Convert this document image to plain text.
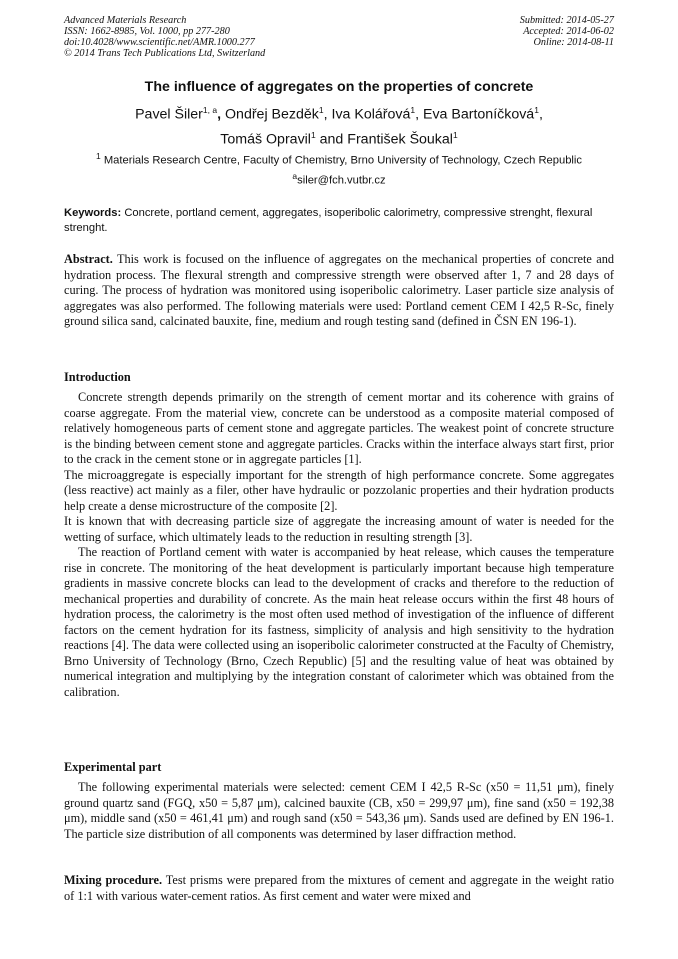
Advanced Materials Research
ISSN: 1662-8985, Vol. 1000, pp 277-280
doi:10.4028/www.scientific.net/AMR.1000.277
© 2014 Trans Tech Publications Ltd, Switzerland
Submitted: 2014-05-27
Accepted: 2014-06-02
Online: 2014-08-11
The influence of aggregates on the properties of concrete
Pavel Šiler$^{1, a}$, Ondřej Bezděk$^1$, Iva Kolářová$^1$, Eva Bartoníčková$^1$,
Tomáš Opravil$^1$ and František Šoukal$^1$
$^1$ Materials Research Centre, Faculty of Chemistry, Brno University of Technology, Czech Republic
$^a$siler@fch.vutbr.cz
Keywords: Concrete, portland cement, aggregates, isoperibolic calorimetry, compressive strenght, flexural strenght.

Abstract. This work is focused on the influence of aggregates on the mechanical properties of concrete and hydration process. The flexural strength and compressive strength were observed after 1, 7 and 28 days of curing. The process of hydration was monitored using isoperibolic calorimetry. Laser particle size analysis of aggregates was also performed. The following materials were used: Portland cement CEM I 42,5 R-Sc, finely ground silica sand, calcinated bauxite, fine, medium and rough testing sand (defined in ČSN EN 196-1).

Introduction

Concrete strength depends primarily on the strength of cement mortar and its coherence with grains of coarse aggregate. From the material view, concrete can be understood as a composite material composed of relatively homogeneous parts of cement stone and aggregate particles. The weakest point of concrete structure is the binding between cement stone and aggregate particles. Cracks within the interface always start first, prior to the crack in the cement stone or in aggregate particles [1].

The microaggregate is especially important for the strength of high performance concrete. Some aggregates (less reactive) act mainly as a filer, other have hydraulic or pozzolanic properties and their hydration products help create a dense microstructure of the composite [2].

It is known that with decreasing particle size of aggregate the increasing amount of water is needed for the wetting of surface, which ultimately leads to the reduction in resulting strength [3].

The reaction of Portland cement with water is accompanied by heat release, which causes the temperature rise in concrete. The monitoring of the heat development is particularly important because high temperature gradients in massive concrete blocks can lead to the development of cracks and therefore to the reduction of mechanical properties and durability of concrete. As the main heat release occurs within the first 48 hours of hydration process, the calorimetry is the most often used method of investigation of the influence of different factors on the cement hydration for its fastness, simplicity of analysis and high sensitivity to the hydration reactions [4]. The data were collected using an isoperibolic calorimeter constructed at the Faculty of Chemistry, Brno University of Technology (Brno, Czech Republic) [5] and the resulting value of heat was obtained by numerical integration and multiplying by the integration constant of calorimeter which was obtained from the calibration.

Experimental part

The following experimental materials were selected: cement CEM I 42,5 R-Sc (x50 = 11,51 μm), finely ground quartz sand (FGQ, x50 = 5,87 μm), calcined bauxite (CB, x50 = 299,97 μm), fine sand (x50 = 192,38 μm), middle sand (x50 = 461,41 μm) and rough sand (x50 = 543,36 μm). Sands used are defined by EN 196-1. The particle size distribution of all components was determined by laser diffraction method.

Mixing procedure. Test prisms were prepared from the mixtures of cement and aggregate in the weight ratio of 1:1 with various water-cement ratios. As first cement and water were mixed and
